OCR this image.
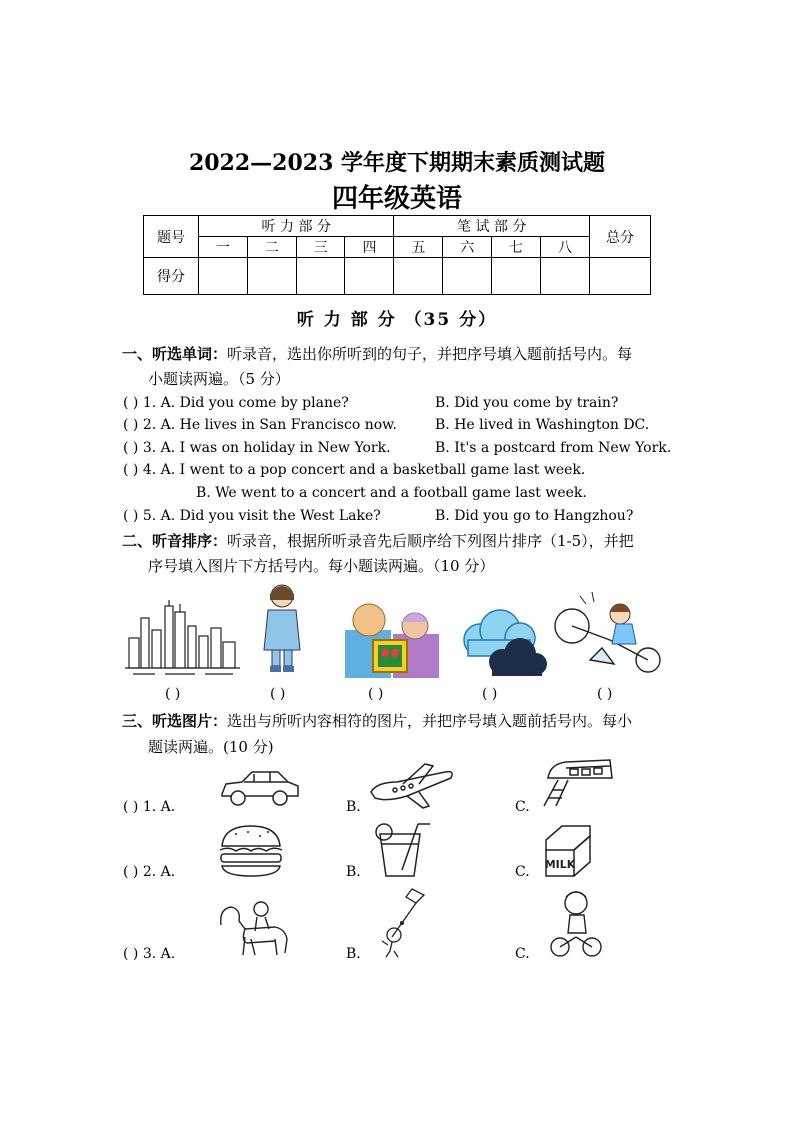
2022—2023 学年度下期期末素质测试题
四年级英语
题号	听 力 部 分				笔 试 部 分				总分
	一	二	三	四	五	六	七	八	
得分									
听 力 部 分 （35 分）
一、听选单词：听录音，选出你所听到的句子，并把序号填入题前括号内。每
小题读两遍。（5 分）
( ) 1. A. Did you come by plane?	B. Did you come by train?
( ) 2. A. He lives in San Francisco now.	B. He lived in Washington DC.
( ) 3. A. I was on holiday in New York.	B. It's a postcard from New York.
( ) 4. A. I went to a pop concert and a basketball game last week.
B. We went to a concert and a football game last week.
( ) 5. A. Did you visit the West Lake?	B. Did you go to Hangzhou?
二、听音排序：听录音，根据所听录音先后顺序给下列图片排序（1-5），并把
序号填入图片下方括号内。每小题读两遍。（10 分）
( )	( )	( )	( )	( )
三、听选图片：选出与所听内容相符的图片，并把序号填入题前括号内。每小
题读两遍。(10 分)
( ) 1. A.	B.	C.
( ) 2. A.	B.	C. MILK
( ) 3. A.	B.	C.
